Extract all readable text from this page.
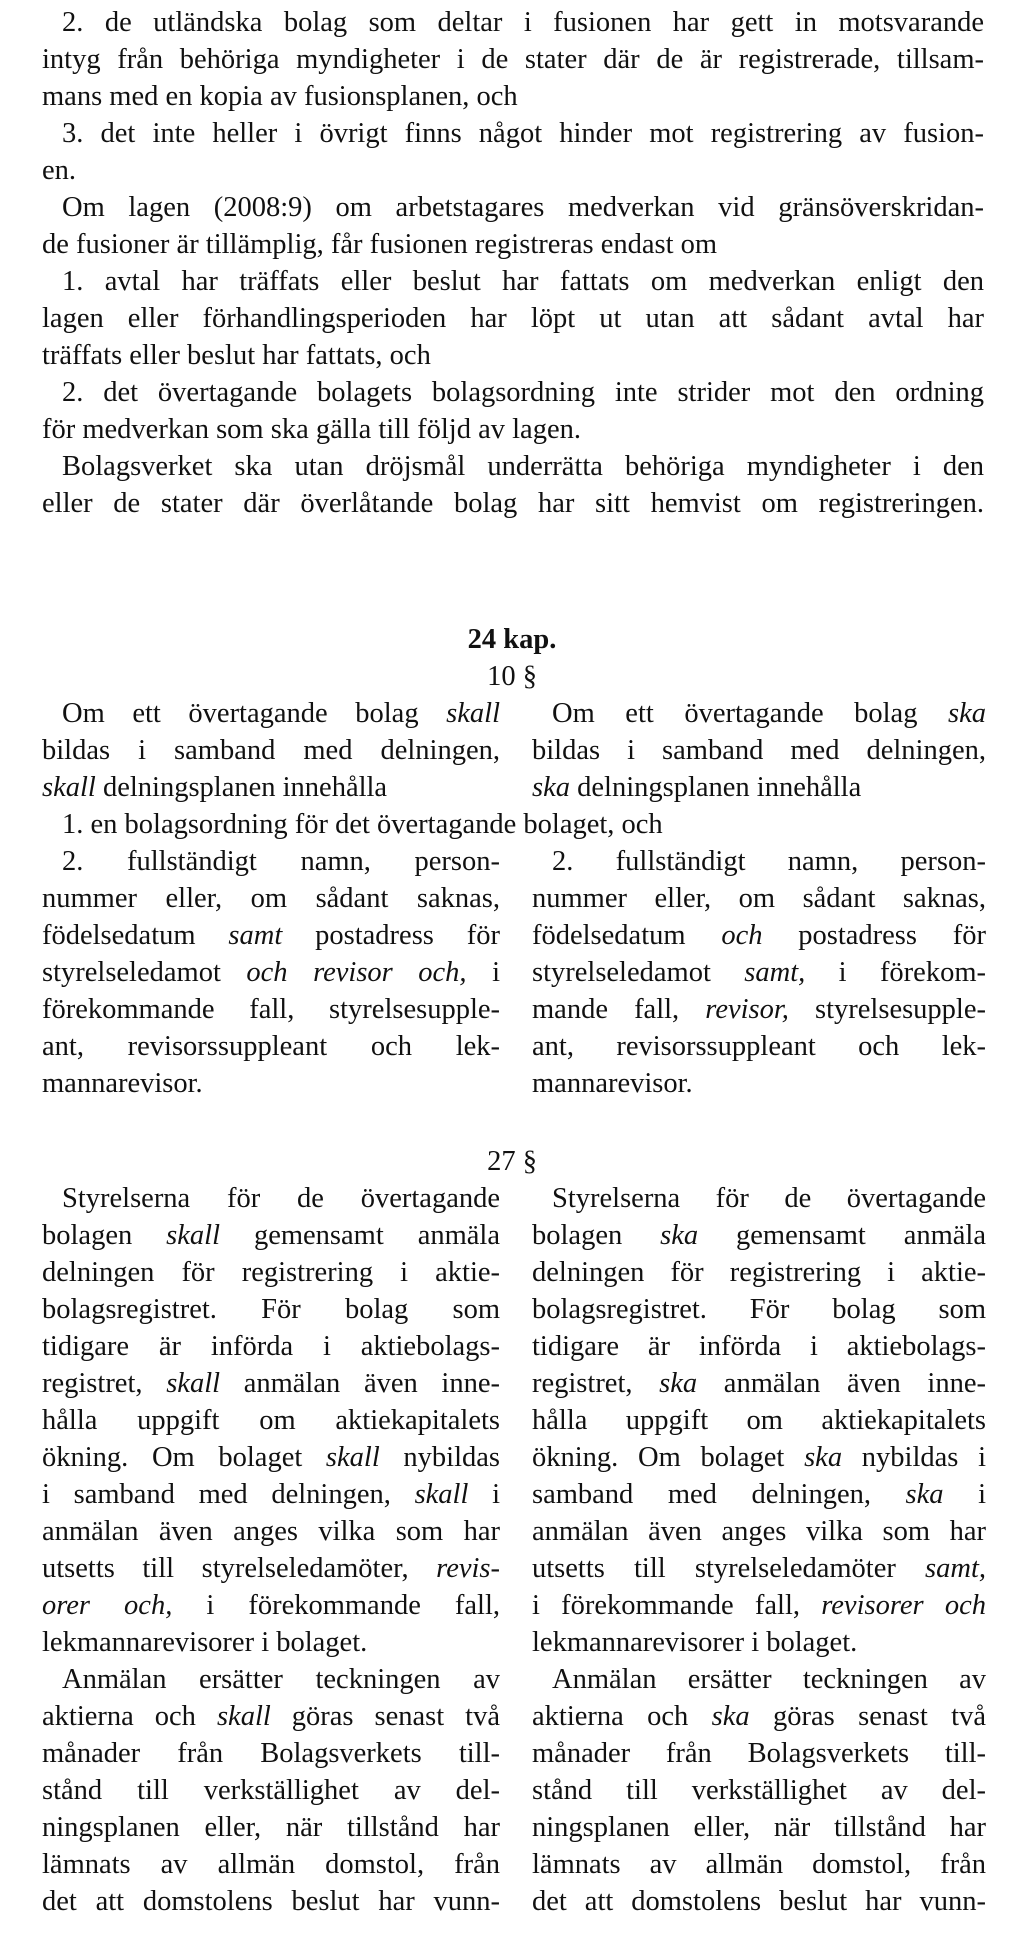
2. de utländska bolag som deltar i fusionen har gett in motsvarande
intyg från behöriga myndigheter i de stater där de är registrerade, tillsam-
mans med en kopia av fusionsplanen, och
3. det inte heller i övrigt finns något hinder mot registrering av fusion-
en.
Om lagen (2008:9) om arbetstagares medverkan vid gränsöverskridan-
de fusioner är tillämplig, får fusionen registreras endast om
1. avtal har träffats eller beslut har fattats om medverkan enligt den
lagen eller förhandlingsperioden har löpt ut utan att sådant avtal har
träffats eller beslut har fattats, och
2. det övertagande bolagets bolagsordning inte strider mot den ordning
för medverkan som ska gälla till följd av lagen.
Bolagsverket ska utan dröjsmål underrätta behöriga myndigheter i den
eller de stater där överlåtande bolag har sitt hemvist om registreringen.
24 kap.
10 §
Om ett övertagande bolag skall
bildas i samband med delningen,
skall delningsplanen innehålla
2. fullständigt namn, person-
nummer eller, om sådant saknas,
födelsedatum samt postadress för
styrelseledamot och revisor och, i
förekommande fall, styrelsesupple-
ant, revisorssuppleant och lek-
mannarevisor.
Om ett övertagande bolag ska
bildas i samband med delningen,
ska delningsplanen innehålla
2. fullständigt namn, person-
nummer eller, om sådant saknas,
födelsedatum och postadress för
styrelseledamot samt, i förekom-
mande fall, revisor, styrelsesupple-
ant, revisorssuppleant och lek-
mannarevisor.
1. en bolagsordning för det övertagande bolaget, och
27 §
Styrelserna för de övertagande
bolagen skall gemensamt anmäla
delningen för registrering i aktie-
bolagsregistret. För bolag som
tidigare är införda i aktiebolags-
registret, skall anmälan även inne-
hålla uppgift om aktiekapitalets
ökning. Om bolaget skall nybildas
i samband med delningen, skall i
anmälan även anges vilka som har
utsetts till styrelseledamöter, revis-
orer och, i förekommande fall,
lekmannarevisorer i bolaget.
Anmälan ersätter teckningen av
aktierna och skall göras senast två
månader från Bolagsverkets till-
stånd till verkställighet av del-
ningsplanen eller, när tillstånd har
lämnats av allmän domstol, från
det att domstolens beslut har vunn-
Styrelserna för de övertagande
bolagen ska gemensamt anmäla
delningen för registrering i aktie-
bolagsregistret. För bolag som
tidigare är införda i aktiebolags-
registret, ska anmälan även inne-
hålla uppgift om aktiekapitalets
ökning. Om bolaget ska nybildas i
samband med delningen, ska i
anmälan även anges vilka som har
utsetts till styrelseledamöter samt,
i förekommande fall, revisorer och
lekmannarevisorer i bolaget.
Anmälan ersätter teckningen av
aktierna och ska göras senast två
månader från Bolagsverkets till-
stånd till verkställighet av del-
ningsplanen eller, när tillstånd har
lämnats av allmän domstol, från
det att domstolens beslut har vunn-
